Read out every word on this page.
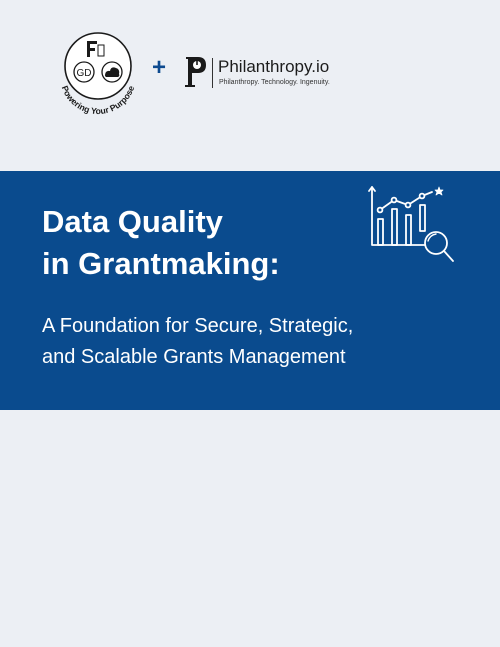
GD
Powering Your Purpose
+	Philanthropy.io
Philanthropy. Technology. Ingenuity.
Data Quality
in Grantmaking:
A Foundation for Secure, Strategic,
and Scalable Grants Management
